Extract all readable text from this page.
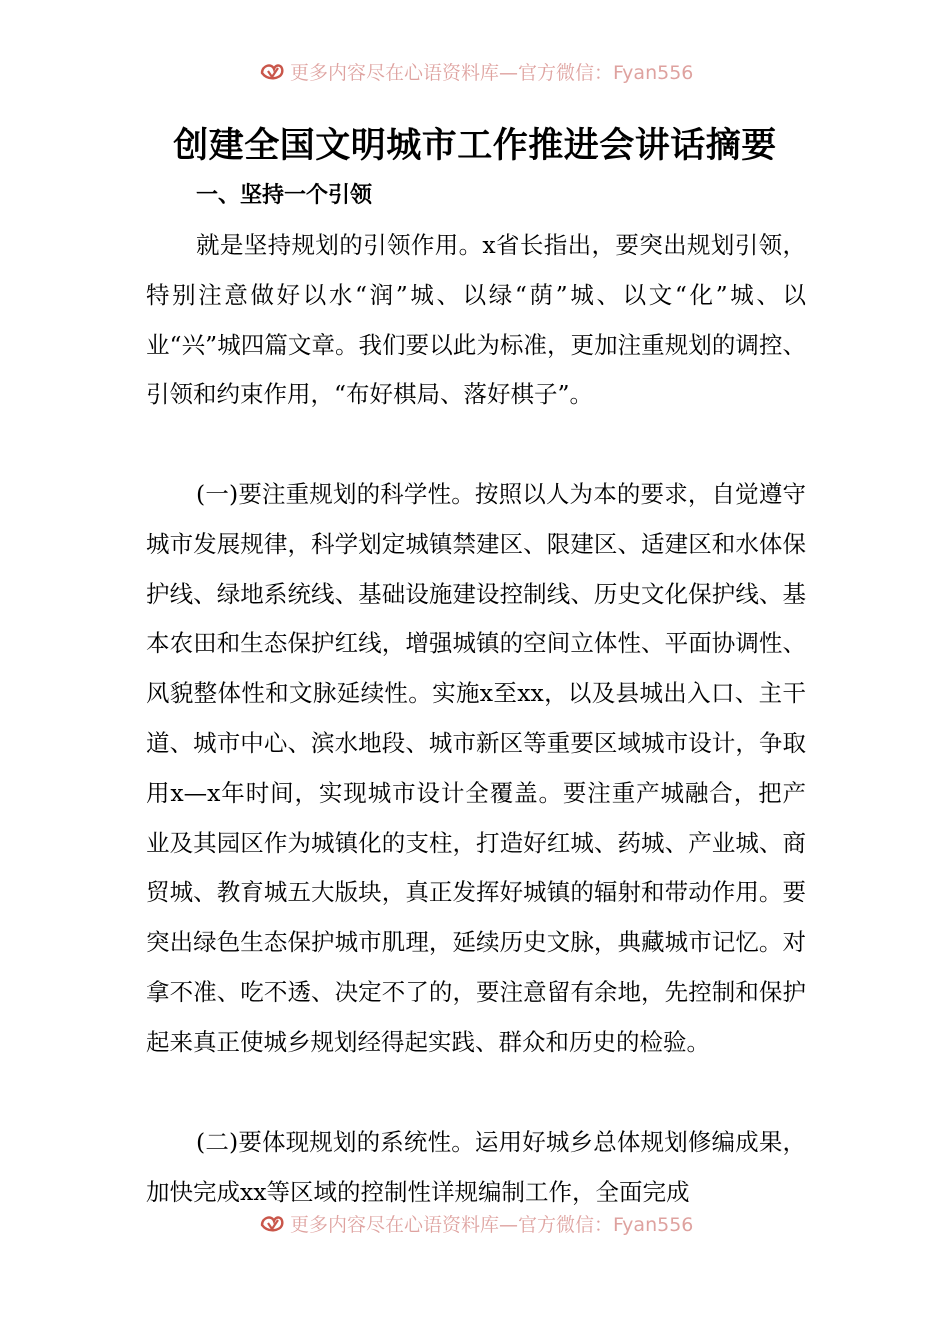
更多内容尽在心语资料库—官方微信：Fyan556
创建全国文明城市工作推进会讲话摘要
一、坚持一个引领

就是坚持规划的引领作用。x省长指出，要突出规划引领，特别注意做好以水“润”城、以绿“荫”城、以文“化”城、以业“兴”城四篇文章。我们要以此为标准，更加注重规划的调控、引领和约束作用，“布好棋局、落好棋子”。

(一)要注重规划的科学性。按照以人为本的要求，自觉遵守城市发展规律，科学划定城镇禁建区、限建区、适建区和水体保护线、绿地系统线、基础设施建设控制线、历史文化保护线、基本农田和生态保护红线，增强城镇的空间立体性、平面协调性、风貌整体性和文脉延续性。实施x至xx，以及县城出入口、主干道、城市中心、滨水地段、城市新区等重要区域城市设计，争取用x—x年时间，实现城市设计全覆盖。要注重产城融合，把产业及其园区作为城镇化的支柱，打造好红城、药城、产业城、商贸城、教育城五大版块，真正发挥好城镇的辐射和带动作用。要突出绿色生态保护城市肌理，延续历史文脉，典藏城市记忆。对拿不准、吃不透、决定不了的，要注意留有余地，先控制和保护起来真正使城乡规划经得起实践、群众和历史的检验。

(二)要体现规划的系统性。运用好城乡总体规划修编成果，加快完成xx等区域的控制性详规编制工作，全面完成

更多内容尽在心语资料库—官方微信：Fyan556
